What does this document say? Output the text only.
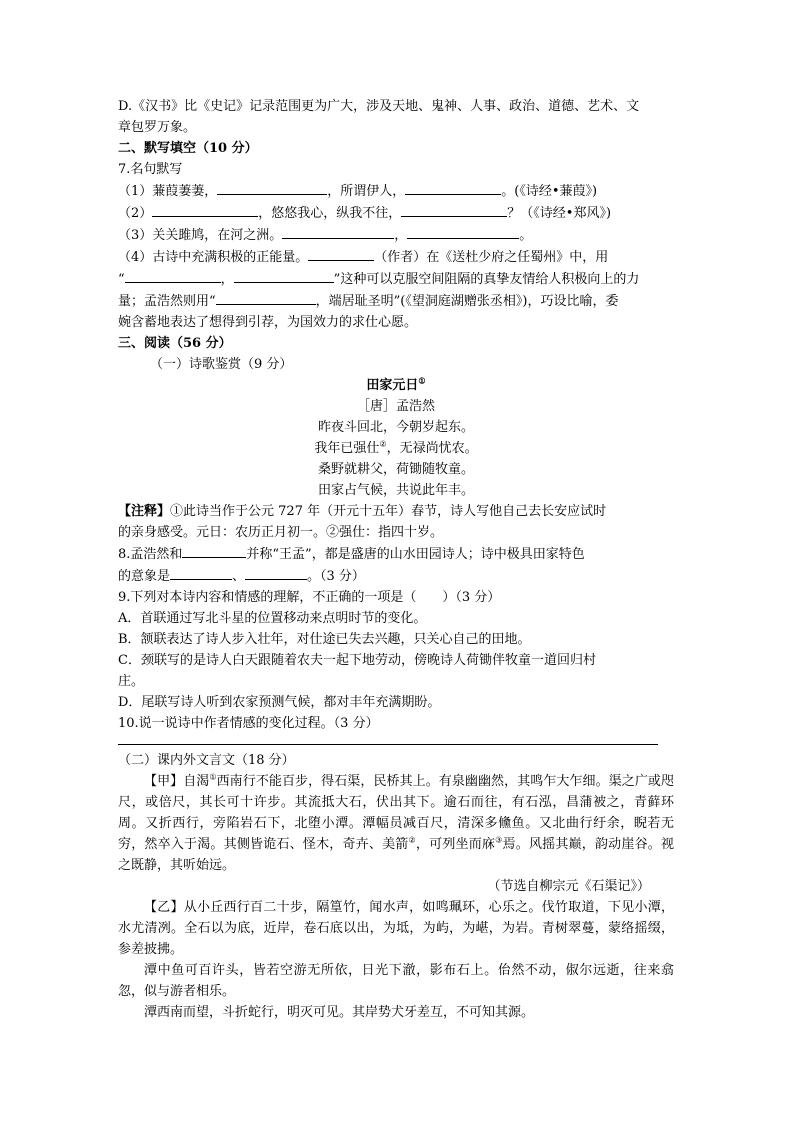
D.《汉书》比《史记》记录范围更为广大，涉及天地、鬼神、人事、政治、道德、艺术、文

章包罗万象。

二、默写填空（10 分）

7.名句默写

（1）蒹葭萋萋，	，所谓伊人，	。(《诗经•蒹葭》)

（2）	，悠悠我心，纵我不往，	？（《诗经•郑风》)

（3）关关雎鸠，在河之洲。	，	。

（4）古诗中充满积极的正能量。	（作者）在《送杜少府之任蜀州》中，用
“	，	”这种可以克服空间阻隔的真挚友情给人积极向上的力
量；孟浩然则用“	，端居耻圣明”(《望洞庭湖赠张丞相》)，巧设比喻，委
婉含蓄地表达了想得到引荐，为国效力的求仕心愿。

三、阅读（56 分）

（一）诗歌鉴赏（9 分）

田家元日①

［唐］孟浩然

昨夜斗回北，今朝岁起东。

我年已强仕②，无禄尚忧农。

桑野就耕父，荷锄随牧童。

田家占气候，共说此年丰。

【注释】①此诗当作于公元 727 年（开元十五年）春节，诗人写他自己去长安应试时

的亲身感受。元日：农历正月初一。②强仕：指四十岁。

8.孟浩然和	并称“王孟”，都是盛唐的山水田园诗人；诗中极具田家特色
的意象是	、	。（3 分）

9.下列对本诗内容和情感的理解，不正确的一项是（　　）（3 分）

A．首联通过写北斗星的位置移动来点明时节的变化。

B．颔联表达了诗人步入壮年，对仕途已失去兴趣，只关心自己的田地。

C．颈联写的是诗人白天跟随着农夫一起下地劳动，傍晚诗人荷锄伴牧童一道回归村

庄。

D．尾联写诗人听到农家预测气候，都对丰年充满期盼。

10.说一说诗中作者情感的变化过程。（3 分）

（二）课内外文言文（18 分）

【甲】自渴①西南行不能百步，得石渠，民桥其上。有泉幽幽然，其鸣乍大乍细。渠之广或咫尺，或倍尺，其长可十许步。其流抵大石，伏出其下。逾石而往，有石泓，昌蒲被之，青藓环周。又折西行，旁陷岩石下，北堕小潭。潭幅员减百尺，清深多儵鱼。又北曲行纡余，睨若无穷，然卒入于渴。其侧皆诡石、怪木，奇卉、美箭②，可列坐而庥③焉。风摇其巅，韵动崖谷。视之既静，其听始远。

（节选自柳宗元《石渠记》）

【乙】从小丘西行百二十步，隔篁竹，闻水声，如鸣珮环，心乐之。伐竹取道，下见小潭，水尤清冽。全石以为底，近岸，卷石底以出，为坻，为屿，为嵁，为岩。青树翠蔓，蒙络摇缀，参差披拂。

潭中鱼可百许头，皆若空游无所依，日光下澈，影布石上。佁然不动，俶尔远逝，往来翕忽，似与游者相乐。

潭西南而望，斗折蛇行，明灭可见。其岸势犬牙差互，不可知其源。
